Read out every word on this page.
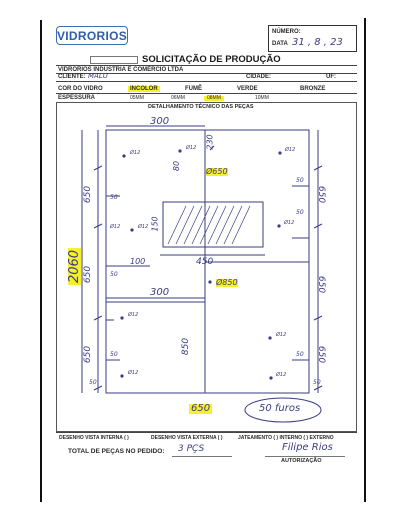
VIDRORIOS	NÚMERO:
DATA 31 , 8 , 23
SOLICITAÇÃO DE PRODUÇÃO
VIDRORIOS INDÚSTRIA E COMÉRCIO LTDA
CLIENTE: MALU	CIDADE:	UF:
COR DO VIDRO	INCOLOR	FUMÊ	VERDE	BRONZE
ESPESSURA	05MM	06MM	08MM	10MM
DETALHAMENTO TÉCNICO DAS PEÇAS
300
230
80
Ø650
150
100	450
Ø850
300
850
650	50 furos
650
650
650
650
650
650
2060
50
50
50
50	50
50
50	50
Ø12
Ø12	Ø12
Ø12
Ø12
Ø12
Ø12
Ø12	Ø12
Ø12
DESENHO VISTA INTERNA ( )	DESENHO VISTA EXTERNA ( )	JATEAMENTO ( ) INTERNO ( ) EXTERNO
TOTAL DE PEÇAS NO PEDIDO: 3 PÇS	Filipe Rios
AUTORIZAÇÃO
